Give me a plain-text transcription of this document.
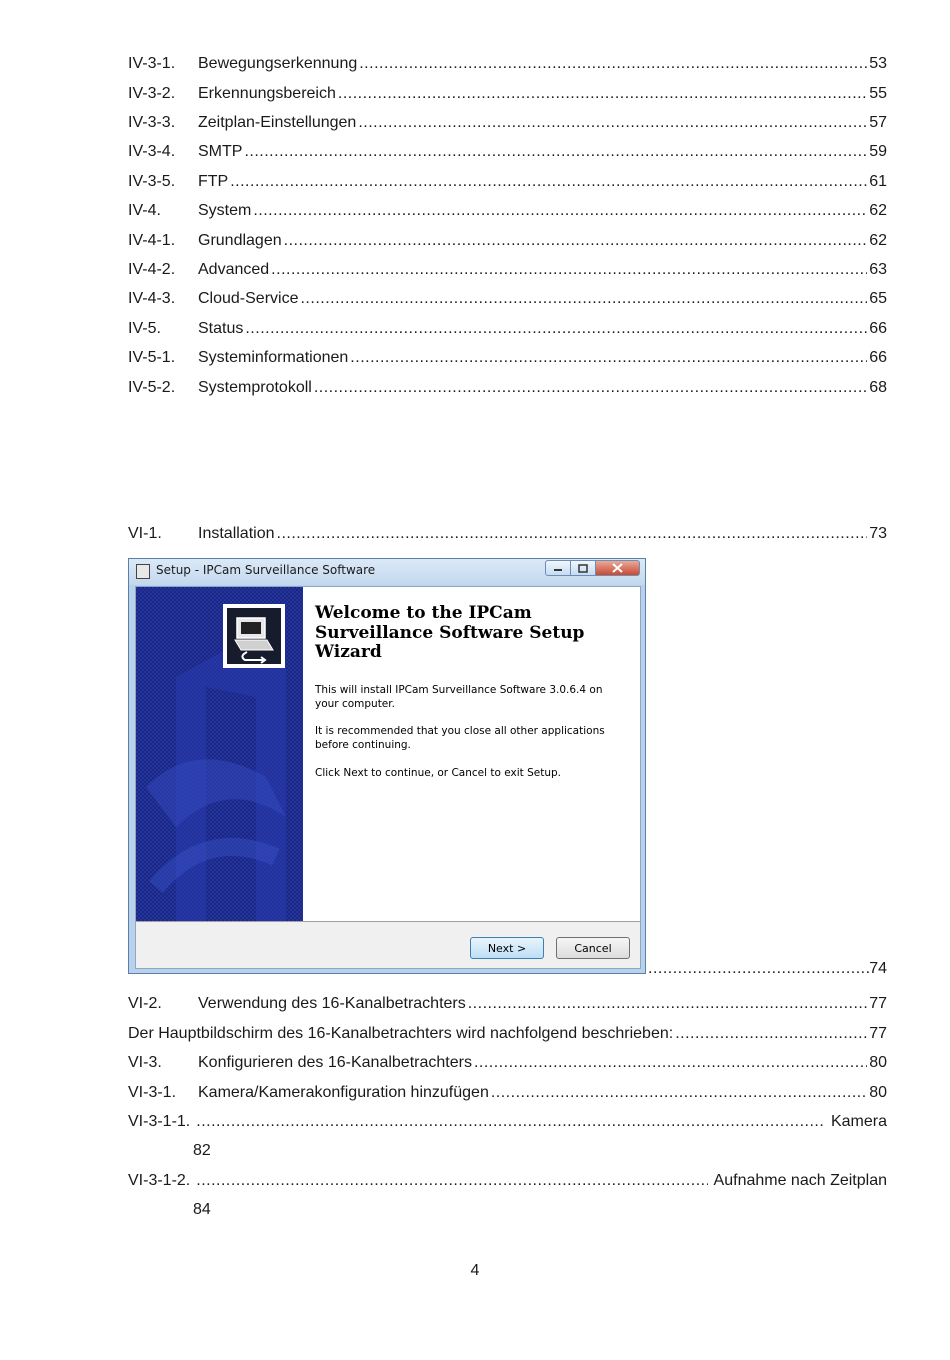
IV-3-1.	Bewegungserkennung .....	53
IV-3-2.	Erkennungsbereich .....	55
IV-3-3.	Zeitplan-Einstellungen .....	57
IV-3-4.	SMTP .....	59
IV-3-5.	FTP .....	61
IV-4.	System .....	62
IV-4-1.	Grundlagen .....	62
IV-4-2.	Advanced .....	63
IV-4-3.	Cloud-Service .....	65
IV-5.	Status .....	66
IV-5-1.	Systeminformationen .....	66
IV-5-2.	Systemprotokoll .....	68
VI-1.	Installation .....	73
Setup - IPCam Surveillance Software
Welcome to the IPCam Surveillance Software Setup Wizard
This will install IPCam Surveillance Software 3.0.6.4 on your computer.
It is recommended that you close all other applications before continuing.
Click Next to continue, or Cancel to exit Setup.
Next >	Cancel
.....
74
VI-2.	Verwendung des 16-Kanalbetrachters .....	77
Der Hauptbildschirm des 16-Kanalbetrachters wird nachfolgend beschrieben: .....	77
VI-3.	Konfigurieren des 16-Kanalbetrachters .....	80
VI-3-1.	Kamera/Kamerakonfiguration hinzufügen .....	80
VI-3-1-1. .....	Kamera
82
VI-3-1-2. .....	Aufnahme nach Zeitplan
84
4
